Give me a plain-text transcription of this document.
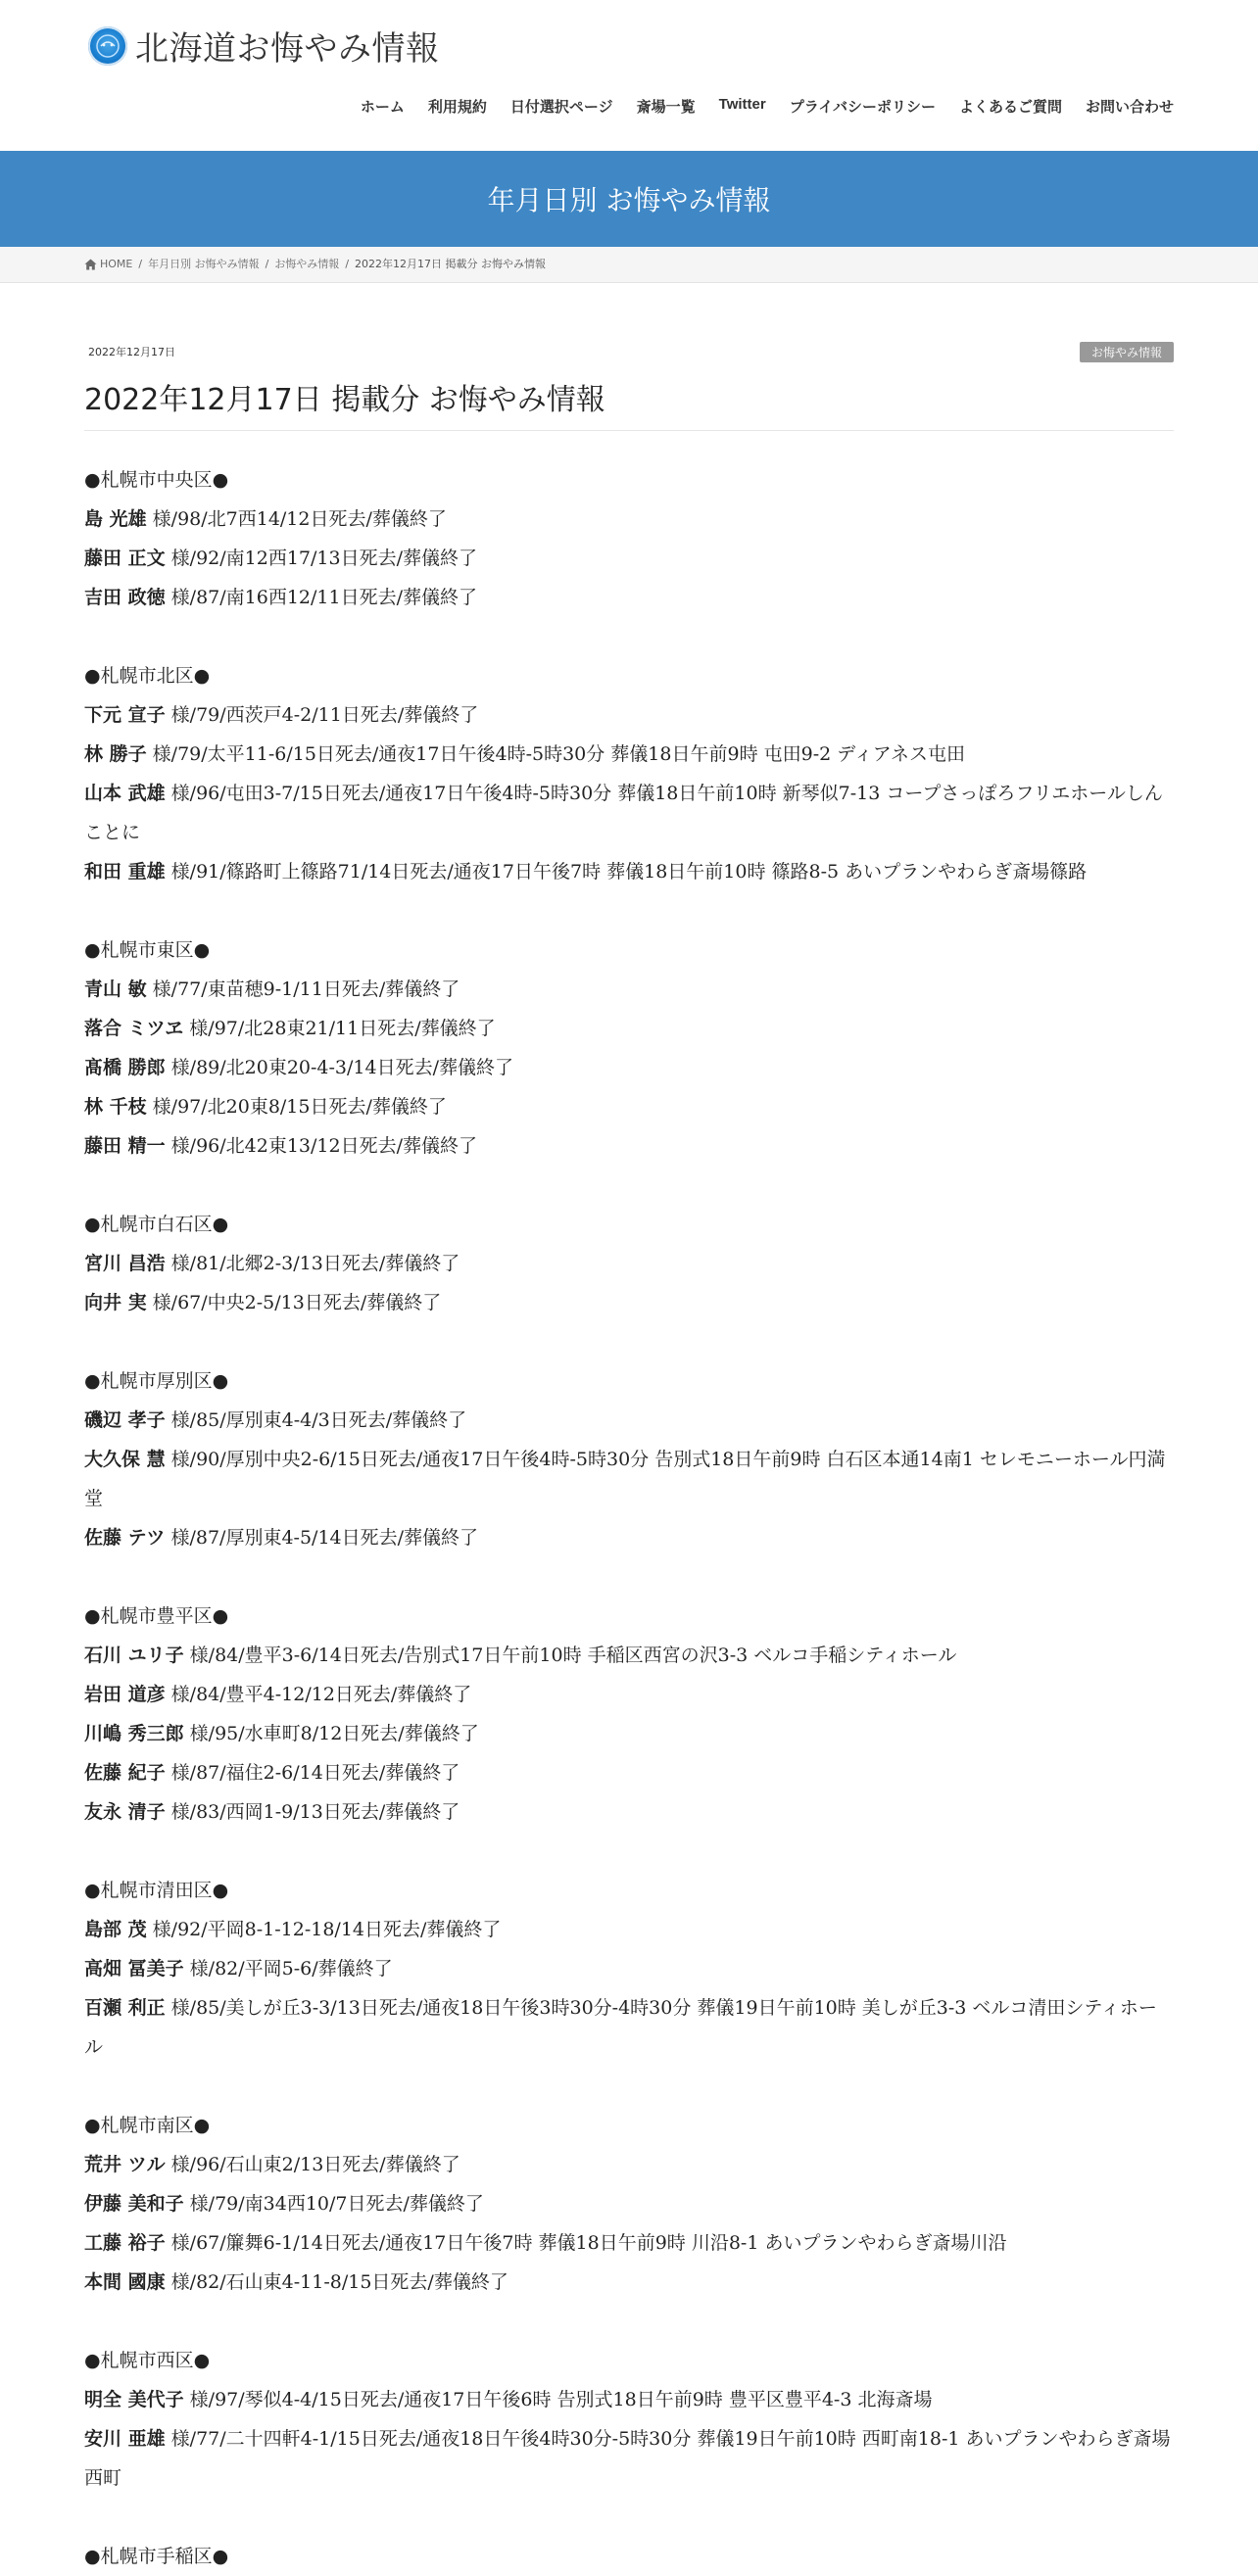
北海道お悔やみ情報
ホーム 利用規約 日付選択ページ 斎場一覧 Twitter プライバシーポリシー よくあるご質問 お問い合わせ
年月日別 お悔やみ情報
HOME / 年月日別 お悔やみ情報 / お悔やみ情報 / 2022年12月17日 掲載分 お悔やみ情報
2022年12月17日	お悔やみ情報
2022年12月17日 掲載分 お悔やみ情報
●札幌市中央区●
島 光雄 様/98/北7西14/12日死去/葬儀終了
藤田 正文 様/92/南12西17/13日死去/葬儀終了
吉田 政徳 様/87/南16西12/11日死去/葬儀終了
●札幌市北区●
下元 宣子 様/79/西茨戸4-2/11日死去/葬儀終了
林 勝子 様/79/太平11-6/15日死去/通夜17日午後4時-5時30分 葬儀18日午前9時 屯田9-2 ディアネス屯田
山本 武雄 様/96/屯田3-7/15日死去/通夜17日午後4時-5時30分 葬儀18日午前10時 新琴似7-13 コープさっぽろフリエホールしんことに
和田 重雄 様/91/篠路町上篠路71/14日死去/通夜17日午後7時 葬儀18日午前10時 篠路8-5 あいプランやわらぎ斎場篠路
●札幌市東区●
青山 敏 様/77/東苗穂9-1/11日死去/葬儀終了
落合 ミツヱ 様/97/北28東21/11日死去/葬儀終了
髙橋 勝郎 様/89/北20東20-4-3/14日死去/葬儀終了
林 千枝 様/97/北20東8/15日死去/葬儀終了
藤田 精一 様/96/北42東13/12日死去/葬儀終了
●札幌市白石区●
宮川 昌浩 様/81/北郷2-3/13日死去/葬儀終了
向井 実 様/67/中央2-5/13日死去/葬儀終了
●札幌市厚別区●
磯辺 孝子 様/85/厚別東4-4/3日死去/葬儀終了
大久保 慧 様/90/厚別中央2-6/15日死去/通夜17日午後4時-5時30分 告別式18日午前9時 白石区本通14南1 セレモニーホール円満堂
佐藤 テツ 様/87/厚別東4-5/14日死去/葬儀終了
●札幌市豊平区●
石川 ユリ子 様/84/豊平3-6/14日死去/告別式17日午前10時 手稲区西宮の沢3-3 ベルコ手稲シティホール
岩田 道彦 様/84/豊平4-12/12日死去/葬儀終了
川嶋 秀三郎 様/95/水車町8/12日死去/葬儀終了
佐藤 紀子 様/87/福住2-6/14日死去/葬儀終了
友永 清子 様/83/西岡1-9/13日死去/葬儀終了
●札幌市清田区●
島部 茂 様/92/平岡8-1-12-18/14日死去/葬儀終了
高畑 冨美子 様/82/平岡5-6/葬儀終了
百瀬 利正 様/85/美しが丘3-3/13日死去/通夜18日午後3時30分-4時30分 葬儀19日午前10時 美しが丘3-3 ベルコ清田シティホール
●札幌市南区●
荒井 ツル 様/96/石山東2/13日死去/葬儀終了
伊藤 美和子 様/79/南34西10/7日死去/葬儀終了
工藤 裕子 様/67/簾舞6-1/14日死去/通夜17日午後7時 葬儀18日午前9時 川沿8-1 あいプランやわらぎ斎場川沿
本間 國康 様/82/石山東4-11-8/15日死去/葬儀終了
●札幌市西区●
明全 美代子 様/97/琴似4-4/15日死去/通夜17日午後6時 告別式18日午前9時 豊平区豊平4-3 北海斎場
安川 亜雄 様/77/二十四軒4-1/15日死去/通夜18日午後4時30分-5時30分 葬儀19日午前10時 西町南18-1 あいプランやわらぎ斎場西町
●札幌市手稲区●
